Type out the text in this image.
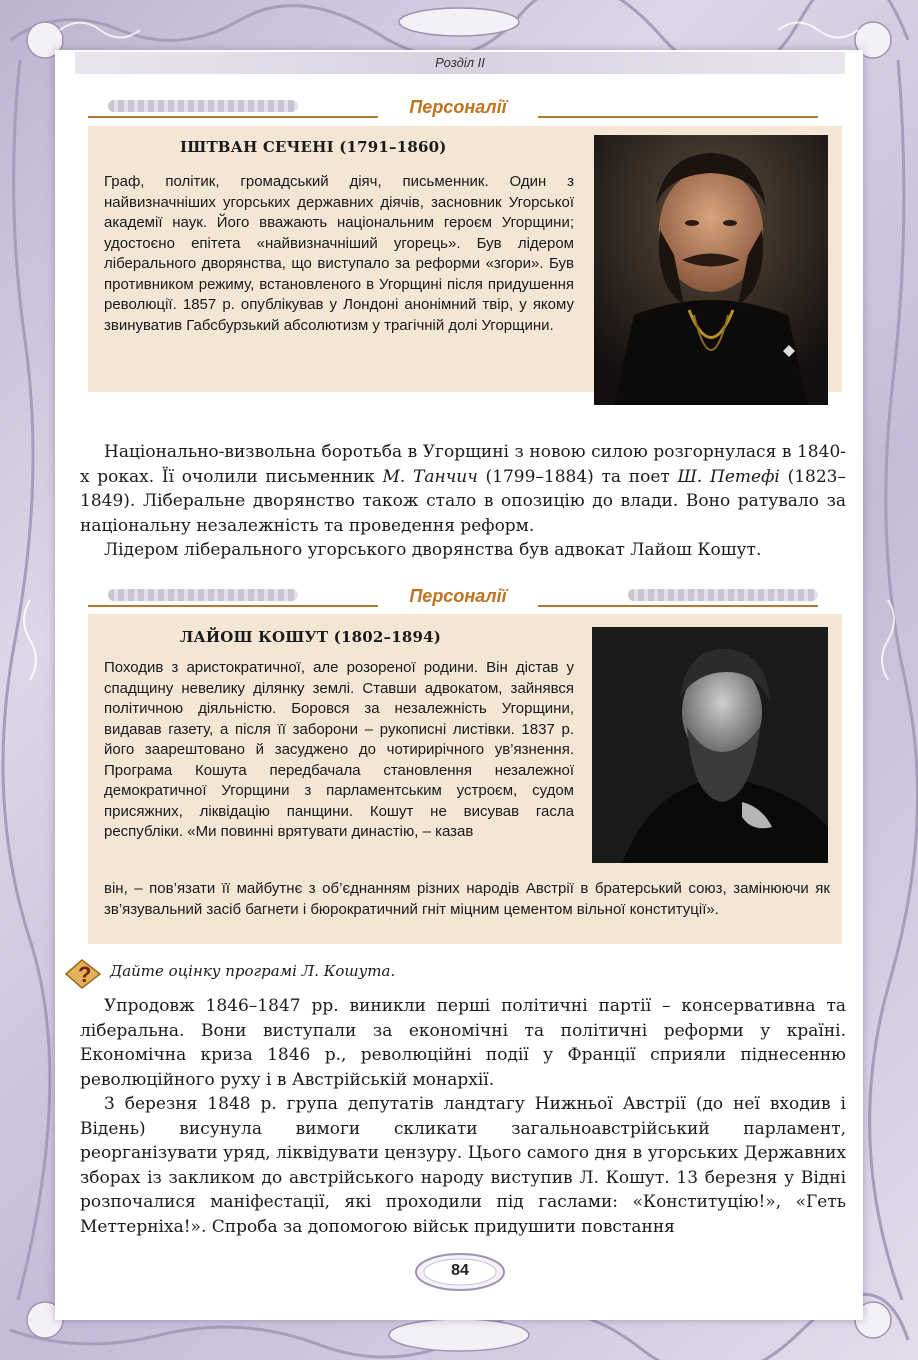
Розділ ІІ
Персоналії
ІШТВАН СЕЧЕНІ (1791–1860)
Граф, політик, громадський діяч, письменник. Один з найвизначніших угорських державних діячів, засновник Угорської академії наук. Його вважають національним героєм Угорщини; удостоєно епітета «найвизначніший угорець». Був лідером ліберального дворянства, що виступало за реформи «згори». Був противником режиму, встановленого в Угорщині після придушення революції. 1857 р. опублікував у Лондоні анонімний твір, у якому звинуватив Габсбурзький абсолютизм у трагічній долі Угорщини.

Національно-визвольна боротьба в Угорщині з новою силою розгорнулася в 1840-х роках. Її очолили письменник М. Танчич (1799–1884) та поет Ш. Петефі (1823–1849). Ліберальне дворянство також стало в опозицію до влади. Воно ратувало за національну незалежність та проведення реформ.

Лідером ліберального угорського дворянства був адвокат Лайош Кошут.

Персоналії
ЛАЙОШ КОШУТ (1802–1894)
Походив з аристократичної, але розореної родини. Він дістав у спадщину невелику ділянку землі. Ставши адвокатом, зайнявся політичною діяльністю. Боровся за незалежність Угорщини, видавав газету, а після її заборони – рукописні листівки. 1837 р. його заарештовано й засуджено до чотирирічного ув’язнення. Програма Кошута передбачала становлення незалежної демократичної Угорщини з парламентським устроєм, судом присяжних, ліквідацію панщини. Кошут не висував гасла республіки. «Ми повинні врятувати династію, – казав
він, – пов’язати її майбутнє з об’єднанням різних народів Австрії в братерський союз, замінюючи як зв’язувальний засіб багнети і бюрократичний гніт міцним цементом вільної конституції».
? Дайте оцінку програмі Л. Кошута.

Упродовж 1846–1847 рр. виникли перші політичні партії – консервативна та ліберальна. Вони виступали за економічні та політичні реформи у країні. Економічна криза 1846 р., революційні події у Франції сприяли піднесенню революційного руху і в Австрійській монархії.

3 березня 1848 р. група депутатів ландтагу Нижньої Австрії (до неї входив і Відень) висунула вимоги скликати загальноавстрійський парламент, реорганізувати уряд, ліквідувати цензуру. Цього самого дня в угорських Державних зборах із закликом до австрійського народу виступив Л. Кошут. 13 березня у Відні розпочалися маніфестації, які проходили під гаслами: «Конституцію!», «Геть Меттерніха!». Спроба за допомогою військ придушити повстання

84
